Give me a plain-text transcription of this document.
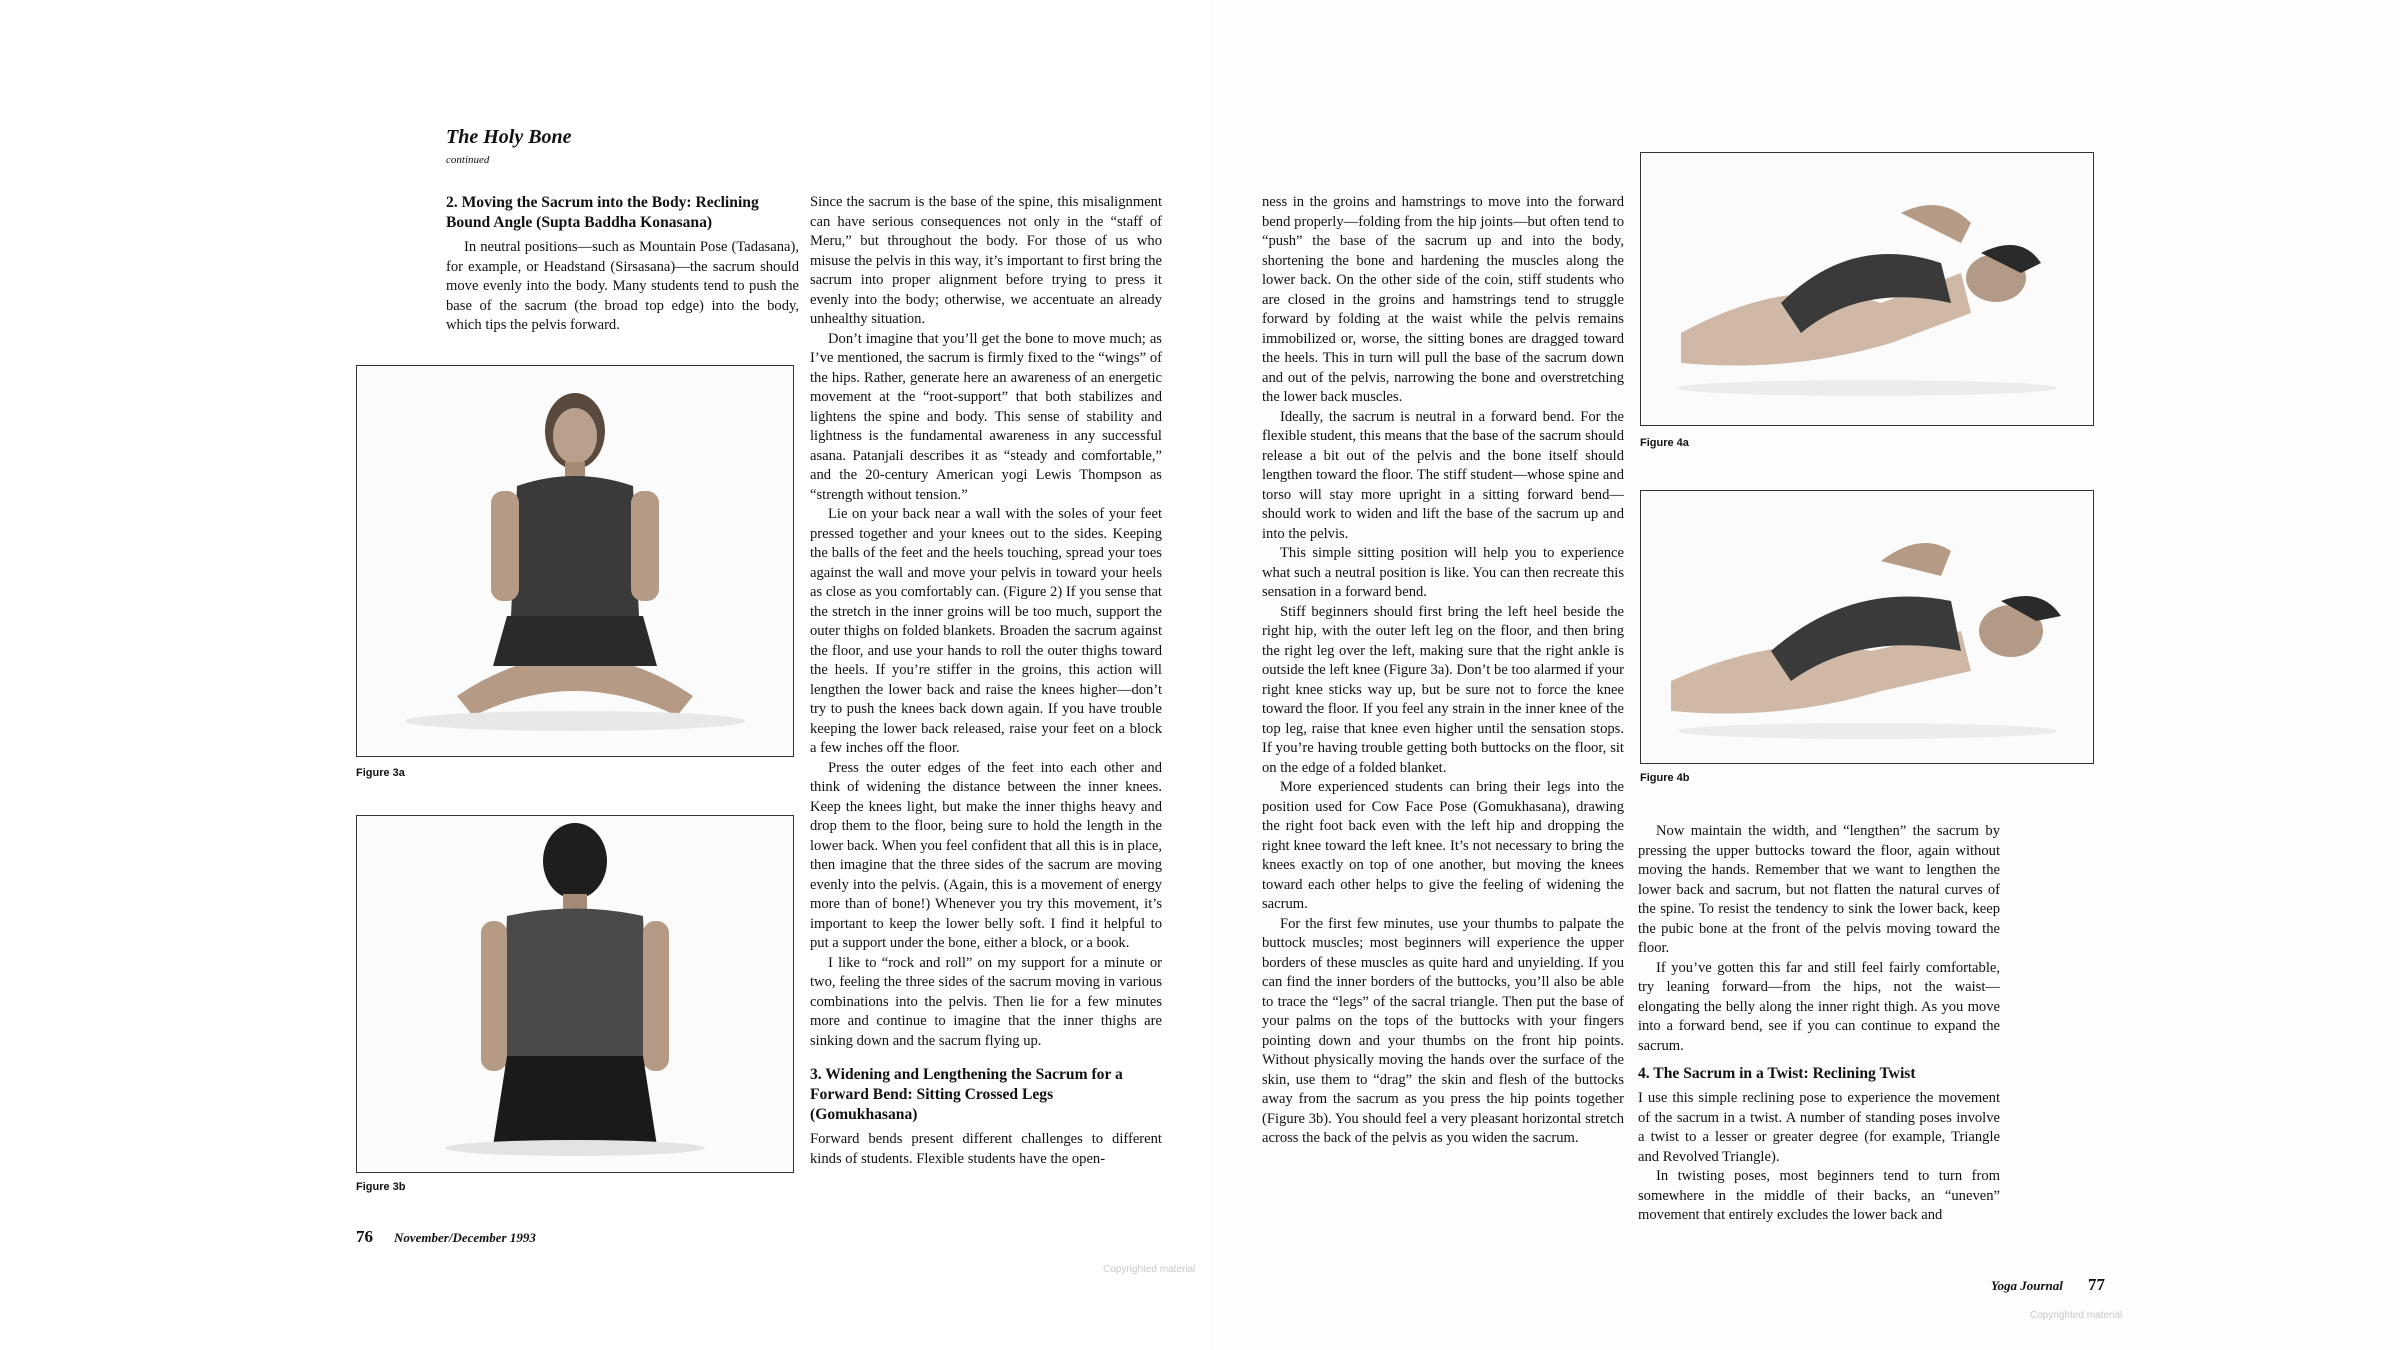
The Holy Bone
continued
2. Moving the Sacrum into the Body: Reclining Bound Angle (Supta Baddha Konasana)

In neutral positions—such as Mountain Pose (Tadasana), for example, or Headstand (Sirsasana)—the sacrum should move evenly into the body. Many students tend to push the base of the sacrum (the broad top edge) into the body, which tips the pelvis forward.

Figure 3a
Figure 3b

Since the sacrum is the base of the spine, this misalignment can have serious consequences not only in the “staff of Meru,” but throughout the body. For those of us who misuse the pelvis in this way, it’s important to first bring the sacrum into proper alignment before trying to press it evenly into the body; otherwise, we accentuate an already unhealthy situation.

Don’t imagine that you’ll get the bone to move much; as I’ve mentioned, the sacrum is firmly fixed to the “wings” of the hips. Rather, generate here an awareness of an energetic movement at the “root-support” that both stabilizes and lightens the spine and body. This sense of stability and lightness is the fundamental awareness in any successful asana. Patanjali describes it as “steady and comfortable,” and the 20-century American yogi Lewis Thompson as “strength without tension.”

Lie on your back near a wall with the soles of your feet pressed together and your knees out to the sides. Keeping the balls of the feet and the heels touching, spread your toes against the wall and move your pelvis in toward your heels as close as you comfortably can. (Figure 2) If you sense that the stretch in the inner groins will be too much, support the outer thighs on folded blankets. Broaden the sacrum against the floor, and use your hands to roll the outer thighs toward the heels. If you’re stiffer in the groins, this action will lengthen the lower back and raise the knees higher—don’t try to push the knees back down again. If you have trouble keeping the lower back released, raise your feet on a block a few inches off the floor.

Press the outer edges of the feet into each other and think of widening the distance between the inner knees. Keep the knees light, but make the inner thighs heavy and drop them to the floor, being sure to hold the length in the lower back. When you feel confident that all this is in place, then imagine that the three sides of the sacrum are moving evenly into the pelvis. (Again, this is a movement of energy more than of bone!) Whenever you try this movement, it’s important to keep the lower belly soft. I find it helpful to put a support under the bone, either a block, or a book.

I like to “rock and roll” on my support for a minute or two, feeling the three sides of the sacrum moving in various combinations into the pelvis. Then lie for a few minutes more and continue to imagine that the inner thighs are sinking down and the sacrum flying up.

3. Widening and Lengthening the Sacrum for a Forward Bend: Sitting Crossed Legs (Gomukhasana)

Forward bends present different challenges to different kinds of students. Flexible students have the open-

76 November/December 1993
Copyrighted material

ness in the groins and hamstrings to move into the forward bend properly—folding from the hip joints—but often tend to “push” the base of the sacrum up and into the body, shortening the bone and hardening the muscles along the lower back. On the other side of the coin, stiff students who are closed in the groins and hamstrings tend to struggle forward by folding at the waist while the pelvis remains immobilized or, worse, the sitting bones are dragged toward the heels. This in turn will pull the base of the sacrum down and out of the pelvis, narrowing the bone and overstretching the lower back muscles.

Ideally, the sacrum is neutral in a forward bend. For the flexible student, this means that the base of the sacrum should release a bit out of the pelvis and the bone itself should lengthen toward the floor. The stiff student—whose spine and torso will stay more upright in a sitting forward bend—should work to widen and lift the base of the sacrum up and into the pelvis.

This simple sitting position will help you to experience what such a neutral position is like. You can then recreate this sensation in a forward bend.

Stiff beginners should first bring the left heel beside the right hip, with the outer left leg on the floor, and then bring the right leg over the left, making sure that the right ankle is outside the left knee (Figure 3a). Don’t be too alarmed if your right knee sticks way up, but be sure not to force the knee toward the floor. If you feel any strain in the inner knee of the top leg, raise that knee even higher until the sensation stops. If you’re having trouble getting both buttocks on the floor, sit on the edge of a folded blanket.

More experienced students can bring their legs into the position used for Cow Face Pose (Gomukhasana), drawing the right foot back even with the left hip and dropping the right knee toward the left knee. It’s not necessary to bring the knees exactly on top of one another, but moving the knees toward each other helps to give the feeling of widening the sacrum.

For the first few minutes, use your thumbs to palpate the buttock muscles; most beginners will experience the upper borders of these muscles as quite hard and unyielding. If you can find the inner borders of the buttocks, you’ll also be able to trace the “legs” of the sacral triangle. Then put the base of your palms on the tops of the buttocks with your fingers pointing down and your thumbs on the front hip points. Without physically moving the hands over the surface of the skin, use them to “drag” the skin and flesh of the buttocks away from the sacrum as you press the hip points together (Figure 3b). You should feel a very pleasant horizontal stretch across the back of the pelvis as you widen the sacrum.

Figure 4a
Figure 4b

Now maintain the width, and “lengthen” the sacrum by pressing the upper buttocks toward the floor, again without moving the hands. Remember that we want to lengthen the lower back and sacrum, but not flatten the natural curves of the spine. To resist the tendency to sink the lower back, keep the pubic bone at the front of the pelvis moving toward the floor.

If you’ve gotten this far and still feel fairly comfortable, try leaning forward—from the hips, not the waist—elongating the belly along the inner right thigh. As you move into a forward bend, see if you can continue to expand the sacrum.

4. The Sacrum in a Twist: Reclining Twist

I use this simple reclining pose to experience the movement of the sacrum in a twist. A number of standing poses involve a twist to a lesser or greater degree (for example, Triangle and Revolved Triangle).

In twisting poses, most beginners tend to turn from somewhere in the middle of their backs, an “uneven” movement that entirely excludes the lower back and

Yoga Journal 77
Copyrighted material
